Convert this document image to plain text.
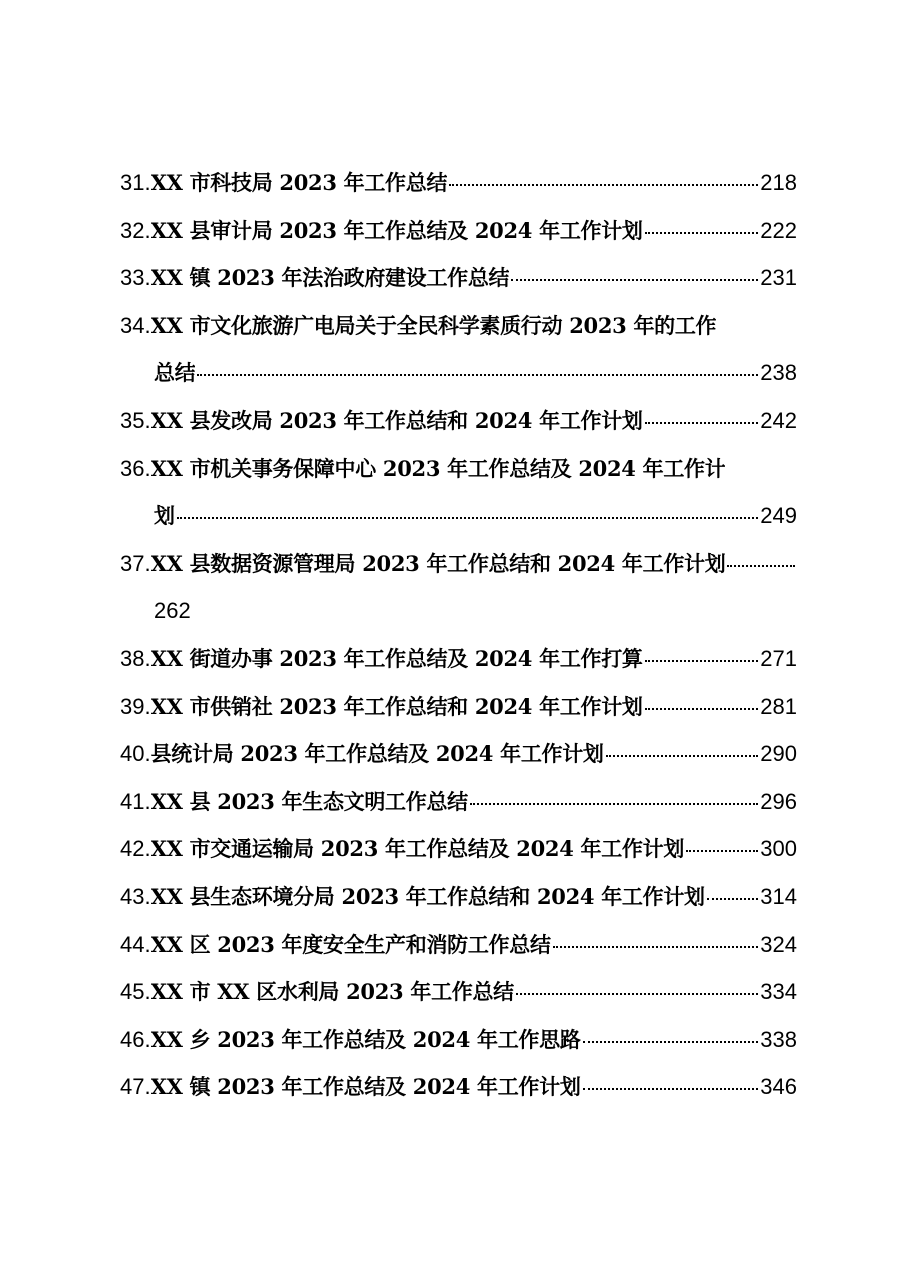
31. XX 市科技局 2023 年工作总结	218
32. XX 县审计局 2023 年工作总结及 2024 年工作计划	222
33. XX 镇 2023 年法治政府建设工作总结	231
34. XX 市文化旅游广电局关于全民科学素质行动 2023 年的工作
总结	238
35. XX 县发改局 2023 年工作总结和 2024 年工作计划	242
36. XX 市机关事务保障中心 2023 年工作总结及 2024 年工作计
划	249
37. XX 县数据资源管理局 2023 年工作总结和 2024 年工作计划
262
38. XX 街道办事 2023 年工作总结及 2024 年工作打算	271
39. XX 市供销社 2023 年工作总结和 2024 年工作计划	281
40. 县统计局 2023 年工作总结及 2024 年工作计划	290
41. XX 县 2023 年生态文明工作总结	296
42. XX 市交通运输局 2023 年工作总结及 2024 年工作计划	300
43. XX 县生态环境分局 2023 年工作总结和 2024 年工作计划	314
44. XX 区 2023 年度安全生产和消防工作总结	324
45. XX 市 XX 区水利局 2023 年工作总结	334
46. XX 乡 2023 年工作总结及 2024 年工作思路	338
47. XX 镇 2023 年工作总结及 2024 年工作计划	346
